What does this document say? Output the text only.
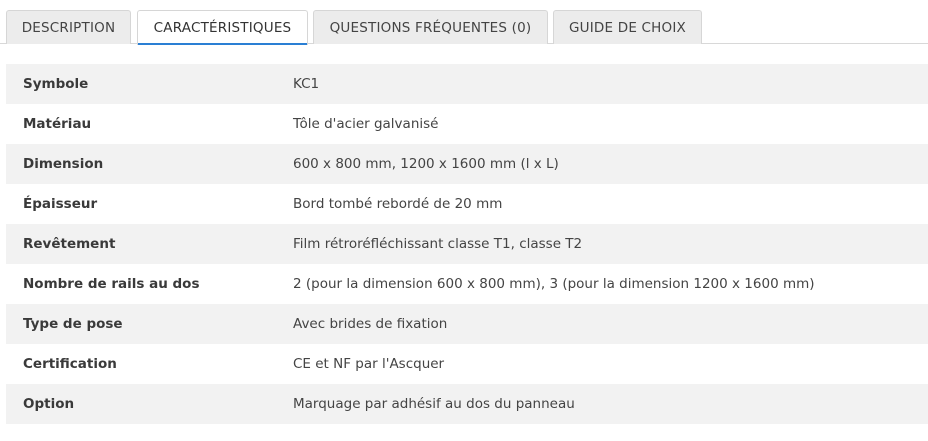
DESCRIPTION	CARACTÉRISTIQUES	QUESTIONS FRÉQUENTES (0)	GUIDE DE CHOIX
Symbole	KC1
Matériau	Tôle d'acier galvanisé
Dimension	600 x 800 mm, 1200 x 1600 mm (l x L)
Épaisseur	Bord tombé rebordé de 20 mm
Revêtement	Film rétroréfléchissant classe T1, classe T2
Nombre de rails au dos	2 (pour la dimension 600 x 800 mm), 3 (pour la dimension 1200 x 1600 mm)
Type de pose	Avec brides de fixation
Certification	CE et NF par l'Ascquer
Option	Marquage par adhésif au dos du panneau
